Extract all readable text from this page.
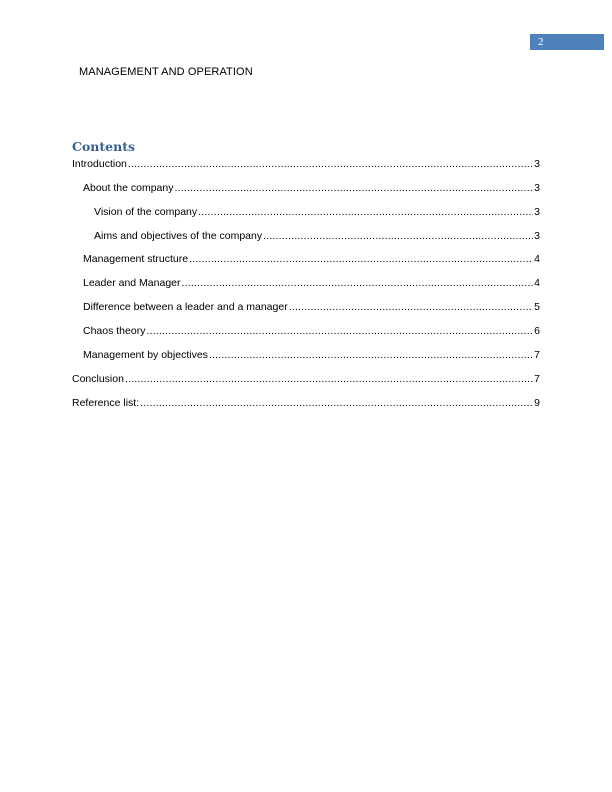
2
MANAGEMENT AND OPERATION
Contents
Introduction .....	3
About the company .....	3
Vision of the company .....	3
Aims and objectives of the company .....	3
Management structure .....	4
Leader and Manager .....	4
Difference between a leader and a manager .....	5
Chaos theory .....	6
Management by objectives .....	7
Conclusion .....	7
Reference list: .....	9
